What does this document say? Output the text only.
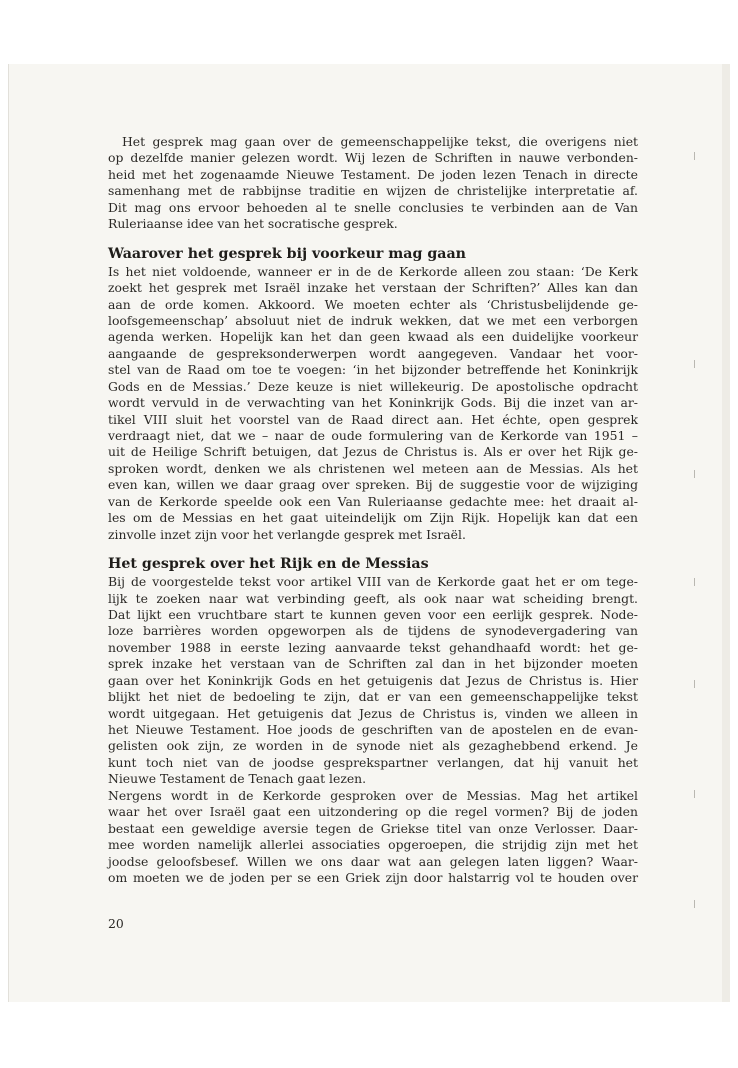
Het gesprek mag gaan over de gemeenschappelijke tekst, die overigens niet
op dezelfde manier gelezen wordt. Wij lezen de Schriften in nauwe verbonden-
heid met het zogenaamde Nieuwe Testament. De joden lezen Tenach in directe
samenhang met de rabbijnse traditie en wijzen de christelijke interpretatie af.
Dit mag ons ervoor behoeden al te snelle conclusies te verbinden aan de Van
Ruleriaanse idee van het socratische gesprek.
Waarover het gesprek bij voorkeur mag gaan
Is het niet voldoende, wanneer er in de de Kerkorde alleen zou staan: ‘De Kerk
zoekt het gesprek met Israël inzake het verstaan der Schriften?’ Alles kan dan
aan de orde komen. Akkoord. We moeten echter als ‘Christusbelijdende ge-
loofsgemeenschap’ absoluut niet de indruk wekken, dat we met een verborgen
agenda werken. Hopelijk kan het dan geen kwaad als een duidelijke voorkeur
aangaande de gespreksonderwerpen wordt aangegeven. Vandaar het voor-
stel van de Raad om toe te voegen: ‘in het bijzonder betreffende het Koninkrijk
Gods en de Messias.’ Deze keuze is niet willekeurig. De apostolische opdracht
wordt vervuld in de verwachting van het Koninkrijk Gods. Bij die inzet van ar-
tikel VIII sluit het voorstel van de Raad direct aan. Het échte, open gesprek
verdraagt niet, dat we – naar de oude formulering van de Kerkorde van 1951 –
uit de Heilige Schrift betuigen, dat Jezus de Christus is. Als er over het Rijk ge-
sproken wordt, denken we als christenen wel meteen aan de Messias. Als het
even kan, willen we daar graag over spreken. Bij de suggestie voor de wijziging
van de Kerkorde speelde ook een Van Ruleriaanse gedachte mee: het draait al-
les om de Messias en het gaat uiteindelijk om Zijn Rijk. Hopelijk kan dat een
zinvolle inzet zijn voor het verlangde gesprek met Israël.
Het gesprek over het Rijk en de Messias
Bij de voorgestelde tekst voor artikel VIII van de Kerkorde gaat het er om tege-
lijk te zoeken naar wat verbinding geeft, als ook naar wat scheiding brengt.
Dat lijkt een vruchtbare start te kunnen geven voor een eerlijk gesprek. Node-
loze barrières worden opgeworpen als de tijdens de synodevergadering van
november 1988 in eerste lezing aanvaarde tekst gehandhaafd wordt: het ge-
sprek inzake het verstaan van de Schriften zal dan in het bijzonder moeten
gaan over het Koninkrijk Gods en het getuigenis dat Jezus de Christus is. Hier
blijkt het niet de bedoeling te zijn, dat er van een gemeenschappelijke tekst
wordt uitgegaan. Het getuigenis dat Jezus de Christus is, vinden we alleen in
het Nieuwe Testament. Hoe joods de geschriften van de apostelen en de evan-
gelisten ook zijn, ze worden in de synode niet als gezaghebbend erkend. Je
kunt toch niet van de joodse gesprekspartner verlangen, dat hij vanuit het
Nieuwe Testament de Tenach gaat lezen.
Nergens wordt in de Kerkorde gesproken over de Messias. Mag het artikel
waar het over Israël gaat een uitzondering op die regel vormen? Bij de joden
bestaat een geweldige aversie tegen de Griekse titel van onze Verlosser. Daar-
mee worden namelijk allerlei associaties opgeroepen, die strijdig zijn met het
joodse geloofsbesef. Willen we ons daar wat aan gelegen laten liggen? Waar-
om moeten we de joden per se een Griek zijn door halstarrig vol te houden over
20
